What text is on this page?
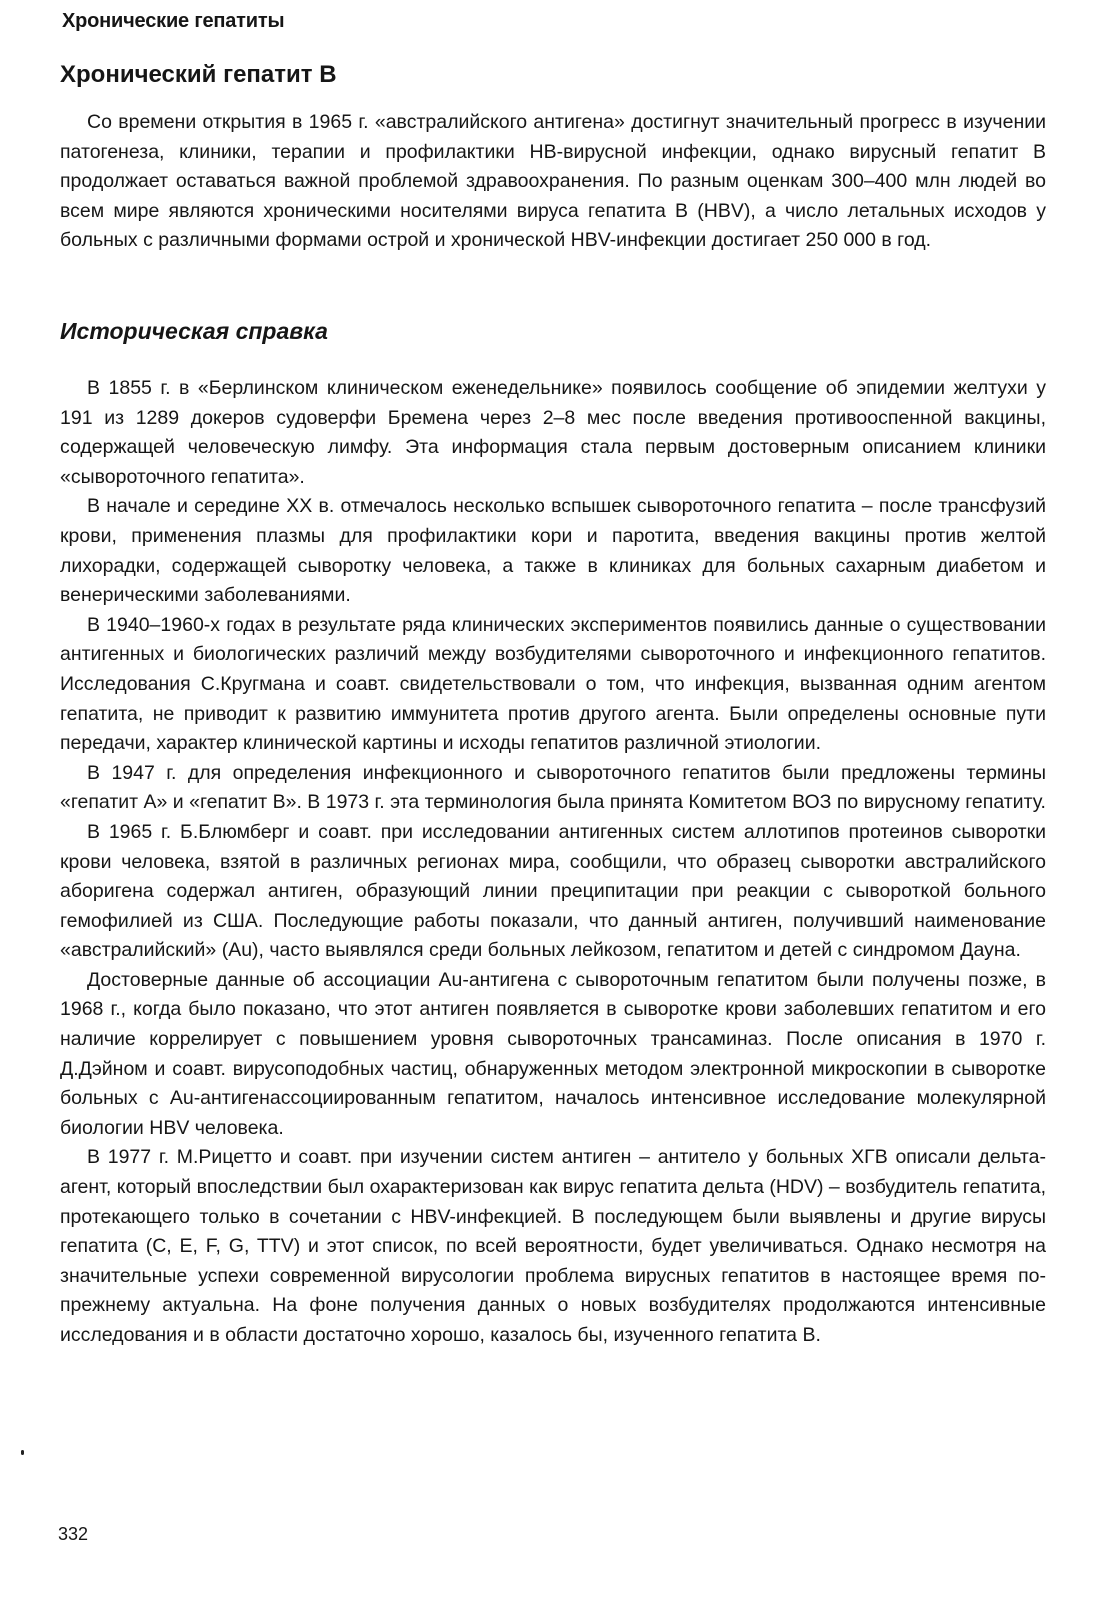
Хронические гепатиты
Хронический гепатит В

Со времени открытия в 1965 г. «австралийского антигена» достигнут значительный прогресс в изучении патогенеза, клиники, терапии и профилактики НВ-вирусной инфекции, однако вирусный гепатит В продолжает оставаться важной проблемой здравоохранения. По разным оценкам 300–400 млн людей во всем мире являются хроническими носителями вируса гепатита В (HBV), а число летальных исходов у больных с различными формами острой и хронической HBV-инфекции достигает 250 000 в год.

Историческая справка

В 1855 г. в «Берлинском клиническом еженедельнике» появилось сообщение об эпидемии желтухи у 191 из 1289 докеров судоверфи Бремена через 2–8 мес после введения противооспенной вакцины, содержащей человеческую лимфу. Эта информация стала первым достоверным описанием клиники «сывороточного гепатита».

В начале и середине XX в. отмечалось несколько вспышек сывороточного гепатита – после трансфузий крови, применения плазмы для профилактики кори и паротита, введения вакцины против желтой лихорадки, содержащей сыворотку человека, а также в клиниках для больных сахарным диабетом и венерическими заболеваниями.

В 1940–1960-х годах в результате ряда клинических экспериментов появились данные о существовании антигенных и биологических различий между возбудителями сывороточного и инфекционного гепатитов. Исследования С.Кругмана и соавт. свидетельствовали о том, что инфекция, вызванная одним агентом гепатита, не приводит к развитию иммунитета против другого агента. Были определены основные пути передачи, характер клинической картины и исходы гепатитов различной этиологии.

В 1947 г. для определения инфекционного и сывороточного гепатитов были предложены термины «гепатит А» и «гепатит В». В 1973 г. эта терминология была принята Комитетом ВОЗ по вирусному гепатиту.

В 1965 г. Б.Блюмберг и соавт. при исследовании антигенных систем аллотипов протеинов сыворотки крови человека, взятой в различных регионах мира, сообщили, что образец сыворотки австралийского аборигена содержал антиген, образующий линии преципитации при реакции с сывороткой больного гемофилией из США. Последующие работы показали, что данный антиген, получивший наименование «австралийский» (Au), часто выявлялся среди больных лейкозом, гепатитом и детей с синдромом Дауна.

Достоверные данные об ассоциации Au-антигена с сывороточным гепатитом были получены позже, в 1968 г., когда было показано, что этот антиген появляется в сыворотке крови заболевших гепатитом и его наличие коррелирует с повышением уровня сывороточных трансаминаз. После описания в 1970 г. Д.Дэйном и соавт. вирусоподобных частиц, обнаруженных методом электронной микроскопии в сыворотке больных с Au-антигенассоциированным гепатитом, началось интенсивное исследование молекулярной биологии HBV человека.

В 1977 г. М.Рицетто и соавт. при изучении систем антиген – антитело у больных ХГВ описали дельта-агент, который впоследствии был охарактеризован как вирус гепатита дельта (HDV) – возбудитель гепатита, протекающего только в сочетании с HBV-инфекцией. В последующем были выявлены и другие вирусы гепатита (C, E, F, G, TTV) и этот список, по всей вероятности, будет увеличиваться. Однако несмотря на значительные успехи современной вирусологии проблема вирусных гепатитов в настоящее время по-прежнему актуальна. На фоне получения данных о новых возбудителях продолжаются интенсивные исследования и в области достаточно хорошо, казалось бы, изученного гепатита В.

332
